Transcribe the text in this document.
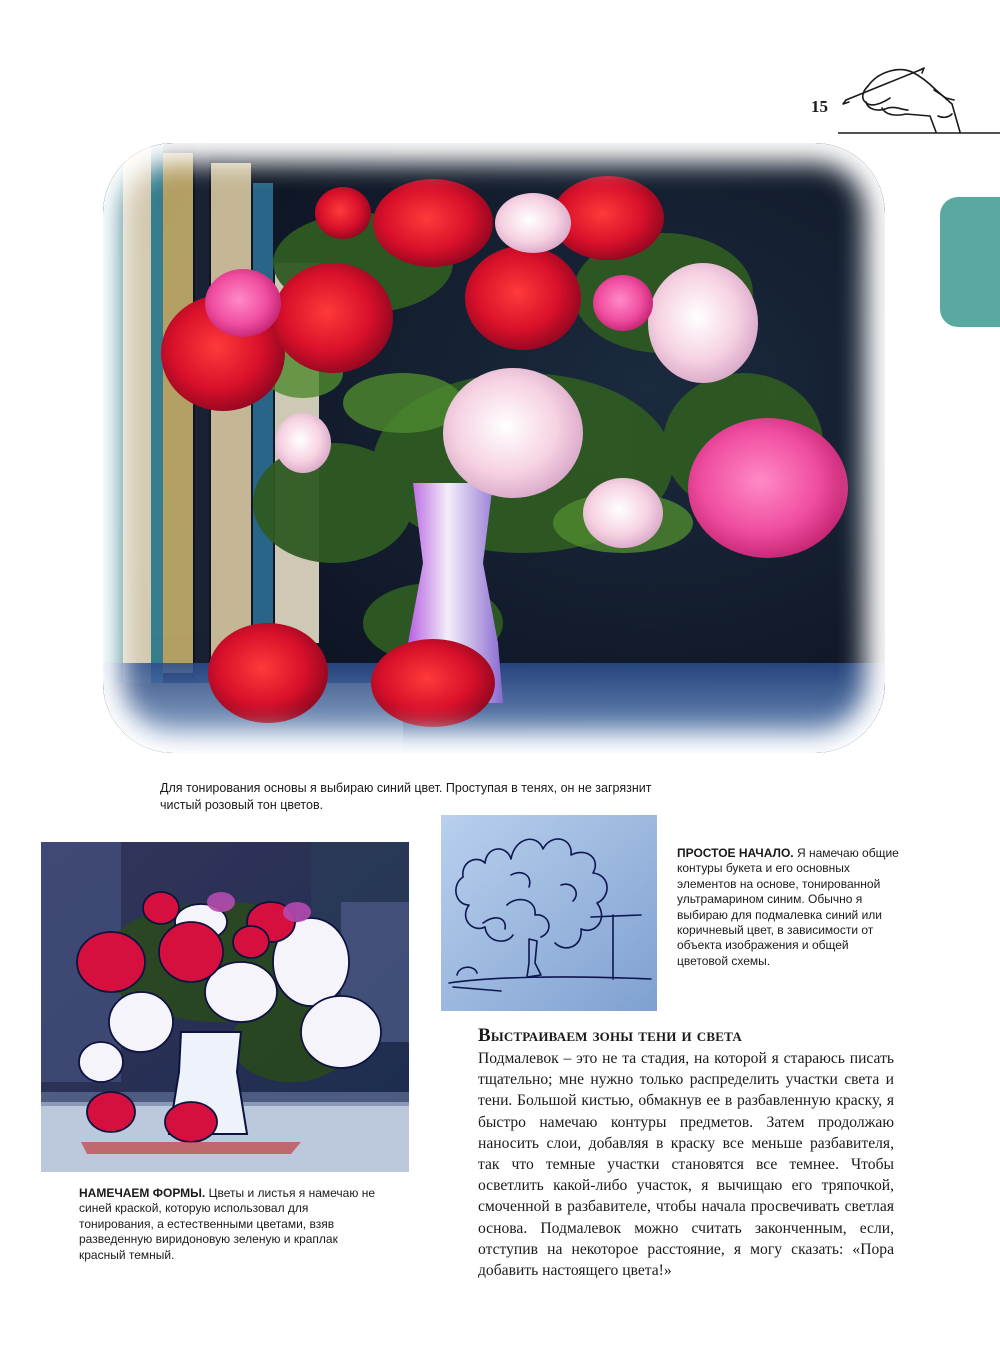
15
Для тонирования основы я выбираю синий цвет. Проступая в тенях, он не загрязнит чистый розовый тон цветов.
ПРОСТОЕ НАЧАЛО. Я намечаю общие контуры букета и его основных элементов на основе, тонированной ультрамарином синим. Обычно я выбираю для подмалевка синий или коричневый цвет, в зависимости от объекта изображения и общей цветовой схемы.
НАМЕЧАЕМ ФОРМЫ. Цветы и листья я намечаю не синей краской, которую использовал для тонирования, а естественными цветами, взяв разведенную виридоновую зеленую и краплак красный темный.
Выстраиваем зоны тени и света

Подмалевок – это не та стадия, на которой я стараюсь писать тщательно; мне нужно только распределить участки света и тени. Большой кистью, обмакнув ее в разбавленную краску, я быстро намечаю контуры предметов. Затем продолжаю наносить слои, добавляя в краску все меньше разбавителя, так что темные участки становятся все темнее. Чтобы осветлить какой-либо участок, я вычищаю его тряпочкой, смоченной в разбавителе, чтобы начала просвечивать светлая основа. Подмалевок можно считать законченным, если, отступив на некоторое расстояние, я могу сказать: «Пора добавить настоящего цвета!»
